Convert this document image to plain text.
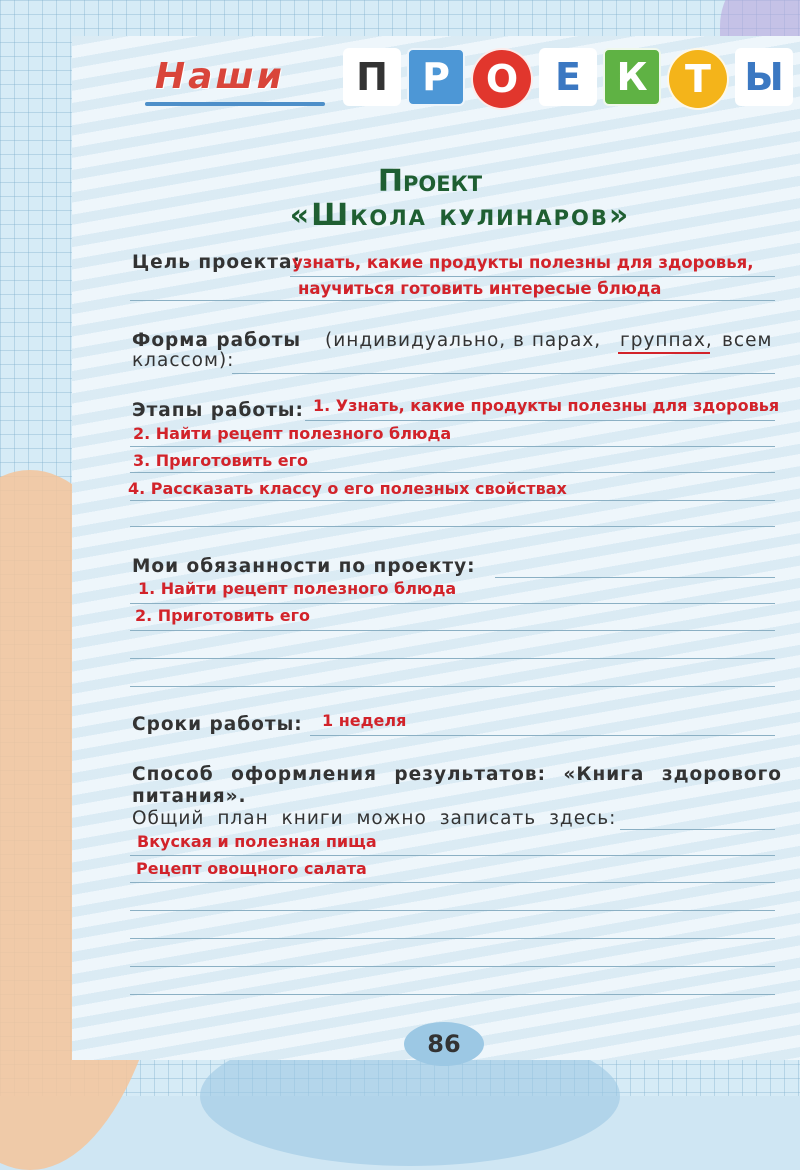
Наши	П Р О Е К Т Ы
Проект
«Школа кулинаров»
Цель проекта:
узнать, какие продукты полезны для здоровья,
научиться готовить интересые блюда
Форма работы (индивидуально, в парах, группах, всем
классом):
Этапы работы: 1. Узнать, какие продукты полезны для здоровья
2. Найти рецепт полезного блюда
3. Приготовить его
4. Рассказать классу о его полезных свойствах
Мои обязанности по проекту:
1. Найти рецепт полезного блюда
2. Приготовить его
Сроки работы: 1 неделя
Способ оформления результатов: «Книга здорового
питания».
Общий план книги можно записать здесь:
Вкуская и полезная пища
Рецепт овощного салата
86
